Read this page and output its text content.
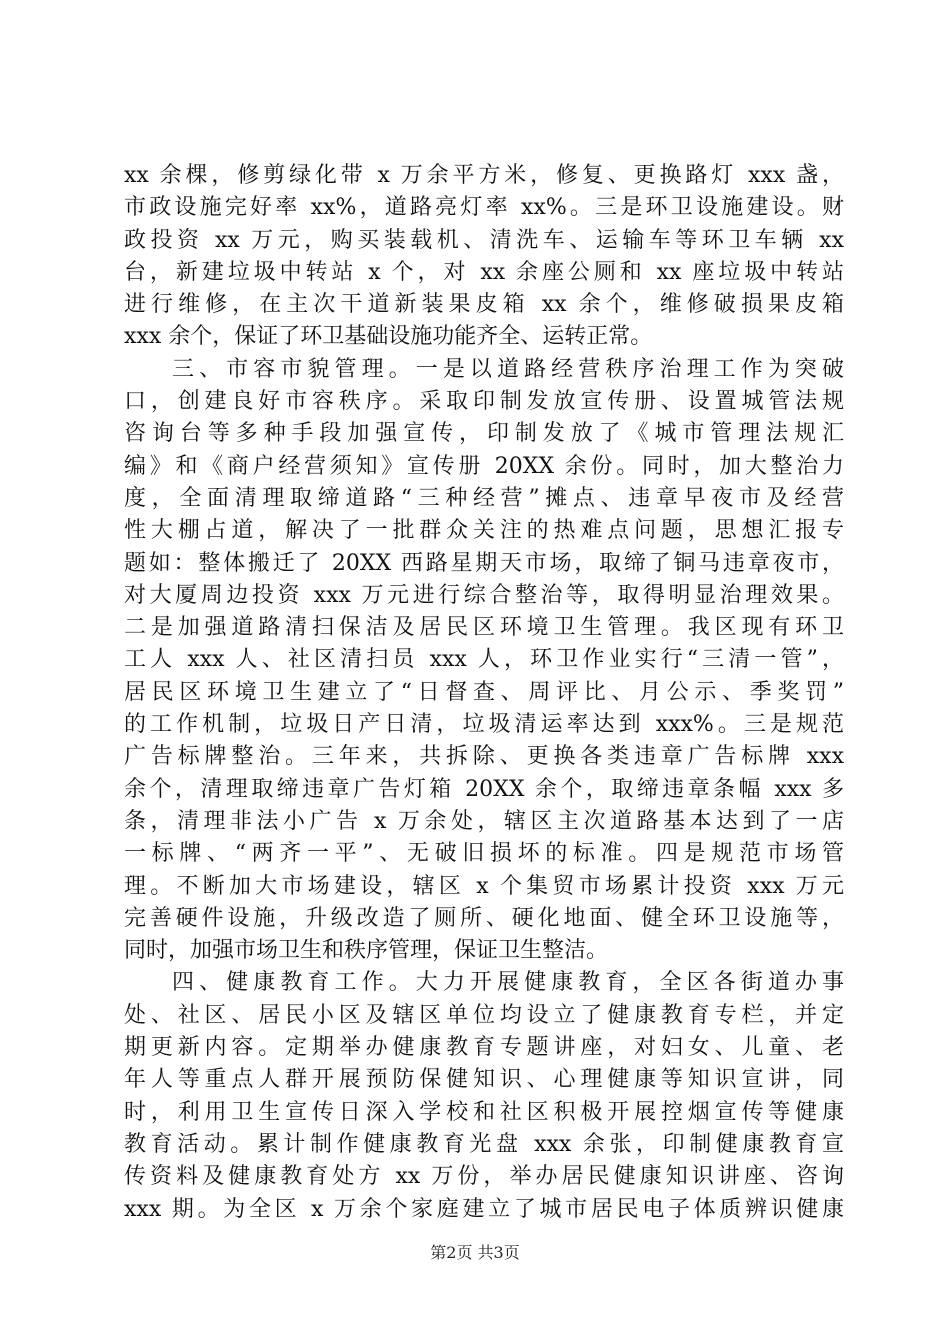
xx 余棵，修剪绿化带 x 万余平方米，修复、更换路灯 xxx 盏，
市政设施完好率 xx%，道路亮灯率 xx%。三是环卫设施建设。财
政投资 xx 万元，购买装载机、清洗车、运输车等环卫车辆 xx
台，新建垃圾中转站 x 个，对 xx 余座公厕和 xx 座垃圾中转站
进行维修，在主次干道新装果皮箱 xx 余个，维修破损果皮箱
xxx 余个，保证了环卫基础设施功能齐全、运转正常。
三、市容市貌管理。一是以道路经营秩序治理工作为突破
口，创建良好市容秩序。采取印制发放宣传册、设置城管法规
咨询台等多种手段加强宣传，印制发放了《城市管理法规汇
编》和《商户经营须知》宣传册 20XX 余份。同时，加大整治力
度，全面清理取缔道路“三种经营”摊点、违章早夜市及经营
性大棚占道，解决了一批群众关注的热难点问题，思想汇报专
题如：整体搬迁了 20XX 西路星期天市场，取缔了铜马违章夜市，
对大厦周边投资 xxx 万元进行综合整治等，取得明显治理效果。
二是加强道路清扫保洁及居民区环境卫生管理。我区现有环卫
工人 xxx 人、社区清扫员 xxx 人，环卫作业实行“三清一管”，
居民区环境卫生建立了“日督查、周评比、月公示、季奖罚”
的工作机制，垃圾日产日清，垃圾清运率达到 xxx%。三是规范
广告标牌整治。三年来，共拆除、更换各类违章广告标牌 xxx
余个，清理取缔违章广告灯箱 20XX 余个，取缔违章条幅 xxx 多
条，清理非法小广告 x 万余处，辖区主次道路基本达到了一店
一标牌、“两齐一平”、无破旧损坏的标准。四是规范市场管
理。不断加大市场建设，辖区 x 个集贸市场累计投资 xxx 万元
完善硬件设施，升级改造了厕所、硬化地面、健全环卫设施等，
同时，加强市场卫生和秩序管理，保证卫生整洁。
四、健康教育工作。大力开展健康教育，全区各街道办事
处、社区、居民小区及辖区单位均设立了健康教育专栏，并定
期更新内容。定期举办健康教育专题讲座，对妇女、儿童、老
年人等重点人群开展预防保健知识、心理健康等知识宣讲，同
时，利用卫生宣传日深入学校和社区积极开展控烟宣传等健康
教育活动。累计制作健康教育光盘 xxx 余张，印制健康教育宣
传资料及健康教育处方 xx 万份，举办居民健康知识讲座、咨询
xxx 期。为全区 x 万余个家庭建立了城市居民电子体质辨识健康
第2页 共3页
